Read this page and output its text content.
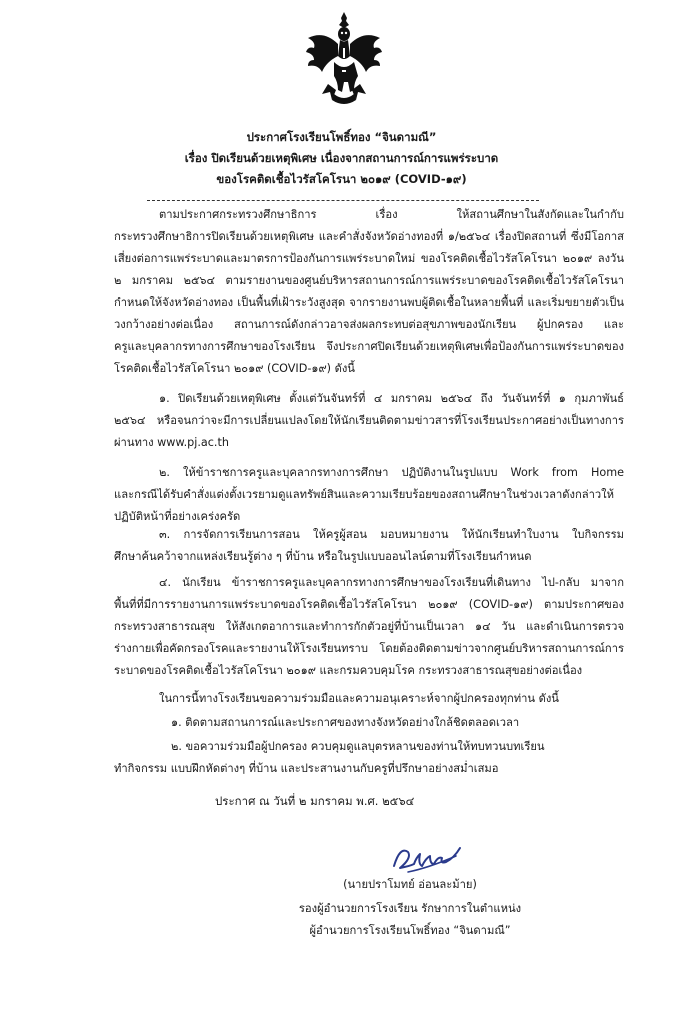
ประกาศโรงเรียนโพธิ์ทอง “จินดามณี”
เรื่อง ปิดเรียนด้วยเหตุพิเศษ เนื่องจากสถานการณ์การแพร่ระบาด
ของโรคติดเชื้อไวรัสโคโรนา ๒๐๑๙ (COVID-๑๙)
ตามประกาศกระทรวงศึกษาธิการ เรื่อง ให้สถานศึกษาในสังกัดและในกำกับ
กระทรวงศึกษาธิการปิดเรียนด้วยเหตุพิเศษ และคำสั่งจังหวัดอ่างทองที่ ๑/๒๕๖๔ เรื่องปิดสถานที่ ซึ่งมีโอกาส
เสี่ยงต่อการแพร่ระบาดและมาตรการป้องกันการแพร่ระบาดใหม่ ของโรคติดเชื้อไวรัสโคโรนา ๒๐๑๙ ลงวัน
๒ มกราคม ๒๕๖๔ ตามรายงานของศูนย์บริหารสถานการณ์การแพร่ระบาดของโรคติดเชื้อไวรัสโคโรนา
กำหนดให้จังหวัดอ่างทอง เป็นพื้นที่เฝ้าระวังสูงสุด จากรายงานพบผู้ติดเชื้อในหลายพื้นที่ และเริ่มขยายตัวเป็น
วงกว้างอย่างต่อเนื่อง สถานการณ์ดังกล่าวอาจส่งผลกระทบต่อสุขภาพของนักเรียน ผู้ปกครอง และ
ครูและบุคลากรทางการศึกษาของโรงเรียน จึงประกาศปิดเรียนด้วยเหตุพิเศษเพื่อป้องกันการแพร่ระบาดของ
โรคติดเชื้อไวรัสโคโรนา ๒๐๑๙ (COVID-๑๙) ดังนี้
๑. ปิดเรียนด้วยเหตุพิเศษ ตั้งแต่วันจันทร์ที่ ๔ มกราคม ๒๕๖๔ ถึง วันจันทร์ที่ ๑ กุมภาพันธ์
๒๕๖๔ หรือจนกว่าจะมีการเปลี่ยนแปลงโดยให้นักเรียนติดตามข่าวสารที่โรงเรียนประกาศอย่างเป็นทางการ
ผ่านทาง www.pj.ac.th
๒. ให้ข้าราชการครูและบุคลากรทางการศึกษา ปฏิบัติงานในรูปแบบ Work from Home
และกรณีได้รับคำสั่งแต่งตั้งเวรยามดูแลทรัพย์สินและความเรียบร้อยของสถานศึกษาในช่วงเวลาดังกล่าวให้
ปฏิบัติหน้าที่อย่างเคร่งครัด
๓. การจัดการเรียนการสอน ให้ครูผู้สอน มอบหมายงาน ให้นักเรียนทำใบงาน ใบกิจกรรม
ศึกษาค้นคว้าจากแหล่งเรียนรู้ต่าง ๆ ที่บ้าน หรือในรูปแบบออนไลน์ตามที่โรงเรียนกำหนด
๔. นักเรียน ข้าราชการครูและบุคลากรทางการศึกษาของโรงเรียนที่เดินทาง ไป-กลับ มาจาก
พื้นที่ที่มีการรายงานการแพร่ระบาดของโรคติดเชื้อไวรัสโคโรนา ๒๐๑๙ (COVID-๑๙) ตามประกาศของ
กระทรวงสาธารณสุข ให้สังเกตอาการและทำการกักตัวอยู่ที่บ้านเป็นเวลา ๑๔ วัน และดำเนินการตรวจ
ร่างกายเพื่อคัดกรองโรคและรายงานให้โรงเรียนทราบ โดยต้องติดตามข่าวจากศูนย์บริหารสถานการณ์การ
ระบาดของโรคติดเชื้อไวรัสโคโรนา ๒๐๑๙ และกรมควบคุมโรค กระทรวงสาธารณสุขอย่างต่อเนื่อง
ในการนี้ทางโรงเรียนขอความร่วมมือและความอนุเคราะห์จากผู้ปกครองทุกท่าน ดังนี้
๑. ติดตามสถานการณ์และประกาศของทางจังหวัดอย่างใกล้ชิดตลอดเวลา
๒. ขอความร่วมมือผู้ปกครอง ควบคุมดูแลบุตรหลานของท่านให้ทบทวนบทเรียน
ทำกิจกรรม แบบฝึกหัดต่างๆ ที่บ้าน และประสานงานกับครูที่ปรึกษาอย่างสม่ำเสมอ
ประกาศ ณ วันที่ ๒ มกราคม พ.ศ. ๒๕๖๔
(นายปราโมทย์ อ่อนละม้าย)
รองผู้อำนวยการโรงเรียน รักษาการในตำแหน่ง
ผู้อำนวยการโรงเรียนโพธิ์ทอง “จินดามณี”
